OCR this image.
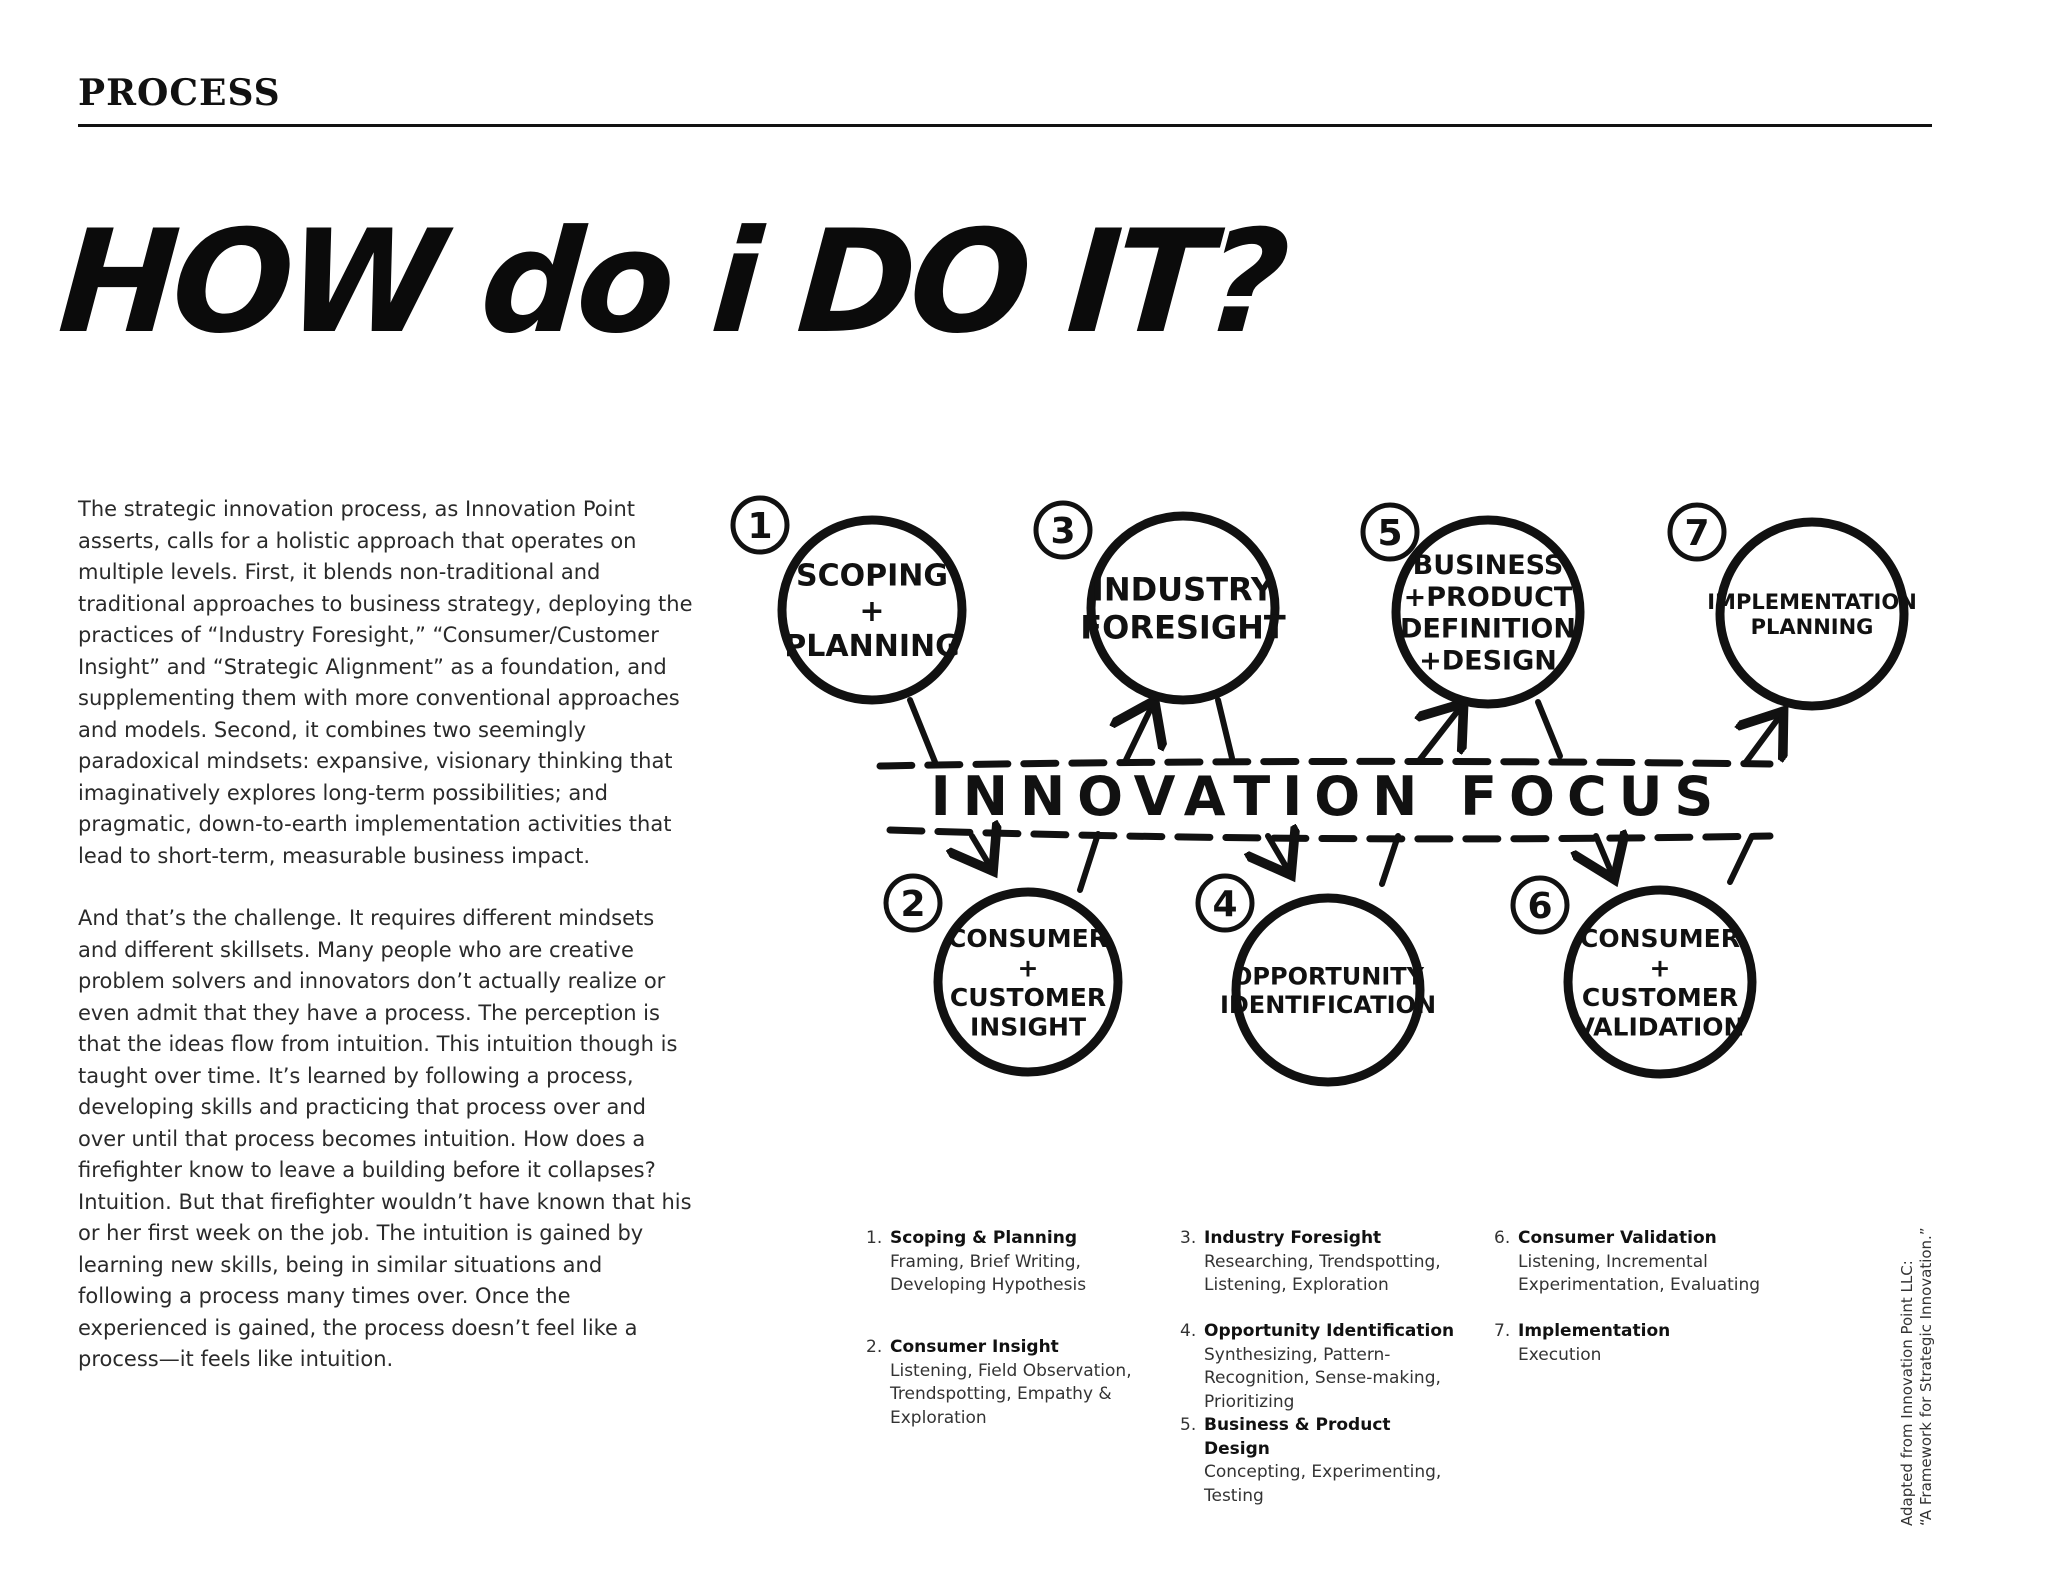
PROCESS
HOW do i DO IT?

The strategic innovation process, as Innovation Point asserts, calls for a holistic approach that operates on multiple levels. First, it blends non-traditional and traditional approaches to business strategy, deploying the practices of “Industry Foresight,” “Consumer/Customer Insight” and “Strategic Alignment” as a foundation, and supplementing them with more conventional approaches and models. Second, it combines two seemingly paradoxical mindsets: expansive, visionary thinking that imaginatively explores long-term possibilities; and pragmatic, down-to-earth implementation activities that lead to short-term, measurable business impact.

And that’s the challenge. It requires different mindsets and different skillsets. Many people who are creative problem solvers and innovators don’t actually realize or even admit that they have a process. The perception is that the ideas flow from intuition. This intuition though is taught over time. It’s learned by following a process, developing skills and practicing that process over and over until that process becomes intuition. How does a firefighter know to leave a building before it collapses? Intuition. But that firefighter wouldn’t have known that his or her first week on the job. The intuition is gained by learning new skills, being in similar situations and following a process many times over. Once the experienced is gained, the process doesn’t feel like a process—it feels like intuition.

INNOVATION FOCUS
1
SCOPING
+
PLANNING
2
CONSUMER
+
CUSTOMER
INSIGHT
3
INDUSTRY
FORESIGHT
4
OPPORTUNITY
IDENTIFICATION
5
BUSINESS
+PRODUCT
DEFINITION
+DESIGN
6
CONSUMER
+
CUSTOMER
VALIDATION
7
IMPLEMENTATION
PLANNING
1. Scoping & Planning
Framing, Brief Writing, Developing Hypothesis
2. Consumer Insight
Listening, Field Observation, Trendspotting, Empathy & Exploration
3. Industry Foresight
Researching, Trendspotting, Listening, Exploration
4. Opportunity Identification
Synthesizing, Pattern-Recognition, Sense-making, Prioritizing
5. Business & Product Design
Concepting, Experimenting, Testing
6. Consumer Validation
Listening, Incremental Experimentation, Evaluating
7. Implementation
Execution	Adapted from Innovation Point LLC: “A Framework for Strategic Innovation.”
